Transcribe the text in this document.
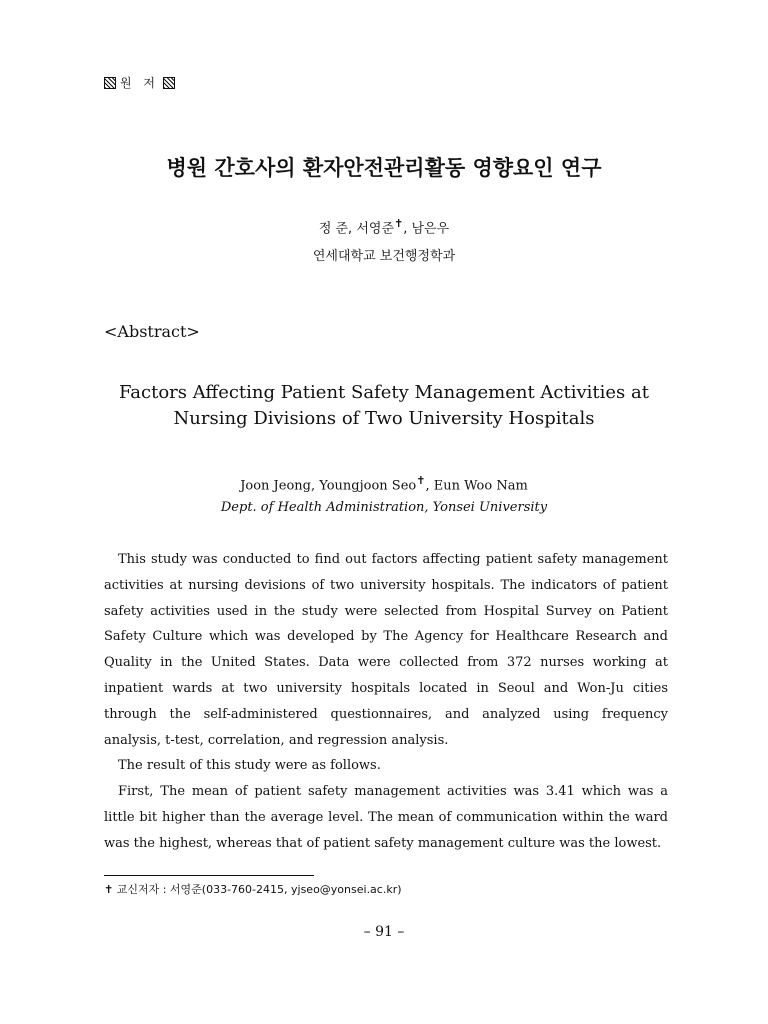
원 저
병원 간호사의 환자안전관리활동 영향요인 연구
정 준, 서영준✝, 남은우
연세대학교 보건행정학과
<Abstract>
Factors Affecting Patient Safety Management Activities at
Nursing Divisions of Two University Hospitals
Joon Jeong, Youngjoon Seo✝, Eun Woo Nam
Dept. of Health Administration, Yonsei University

This study was conducted to find out factors affecting patient safety management activities at nursing devisions of two university hospitals. The indicators of patient safety activities used in the study were selected from Hospital Survey on Patient Safety Culture which was developed by The Agency for Healthcare Research and Quality in the United States. Data were collected from 372 nurses working at inpatient wards at two university hospitals located in Seoul and Won-Ju cities through the self-administered questionnaires, and analyzed using frequency analysis, t-test, correlation, and regression analysis.

The result of this study were as follows.

First, The mean of patient safety management activities was 3.41 which was a little bit higher than the average level. The mean of communication within the ward was the highest, whereas that of patient safety management culture was the lowest.

✝ 교신저자 : 서영준(033-760-2415, yjseo@yonsei.ac.kr)
– 91 –
